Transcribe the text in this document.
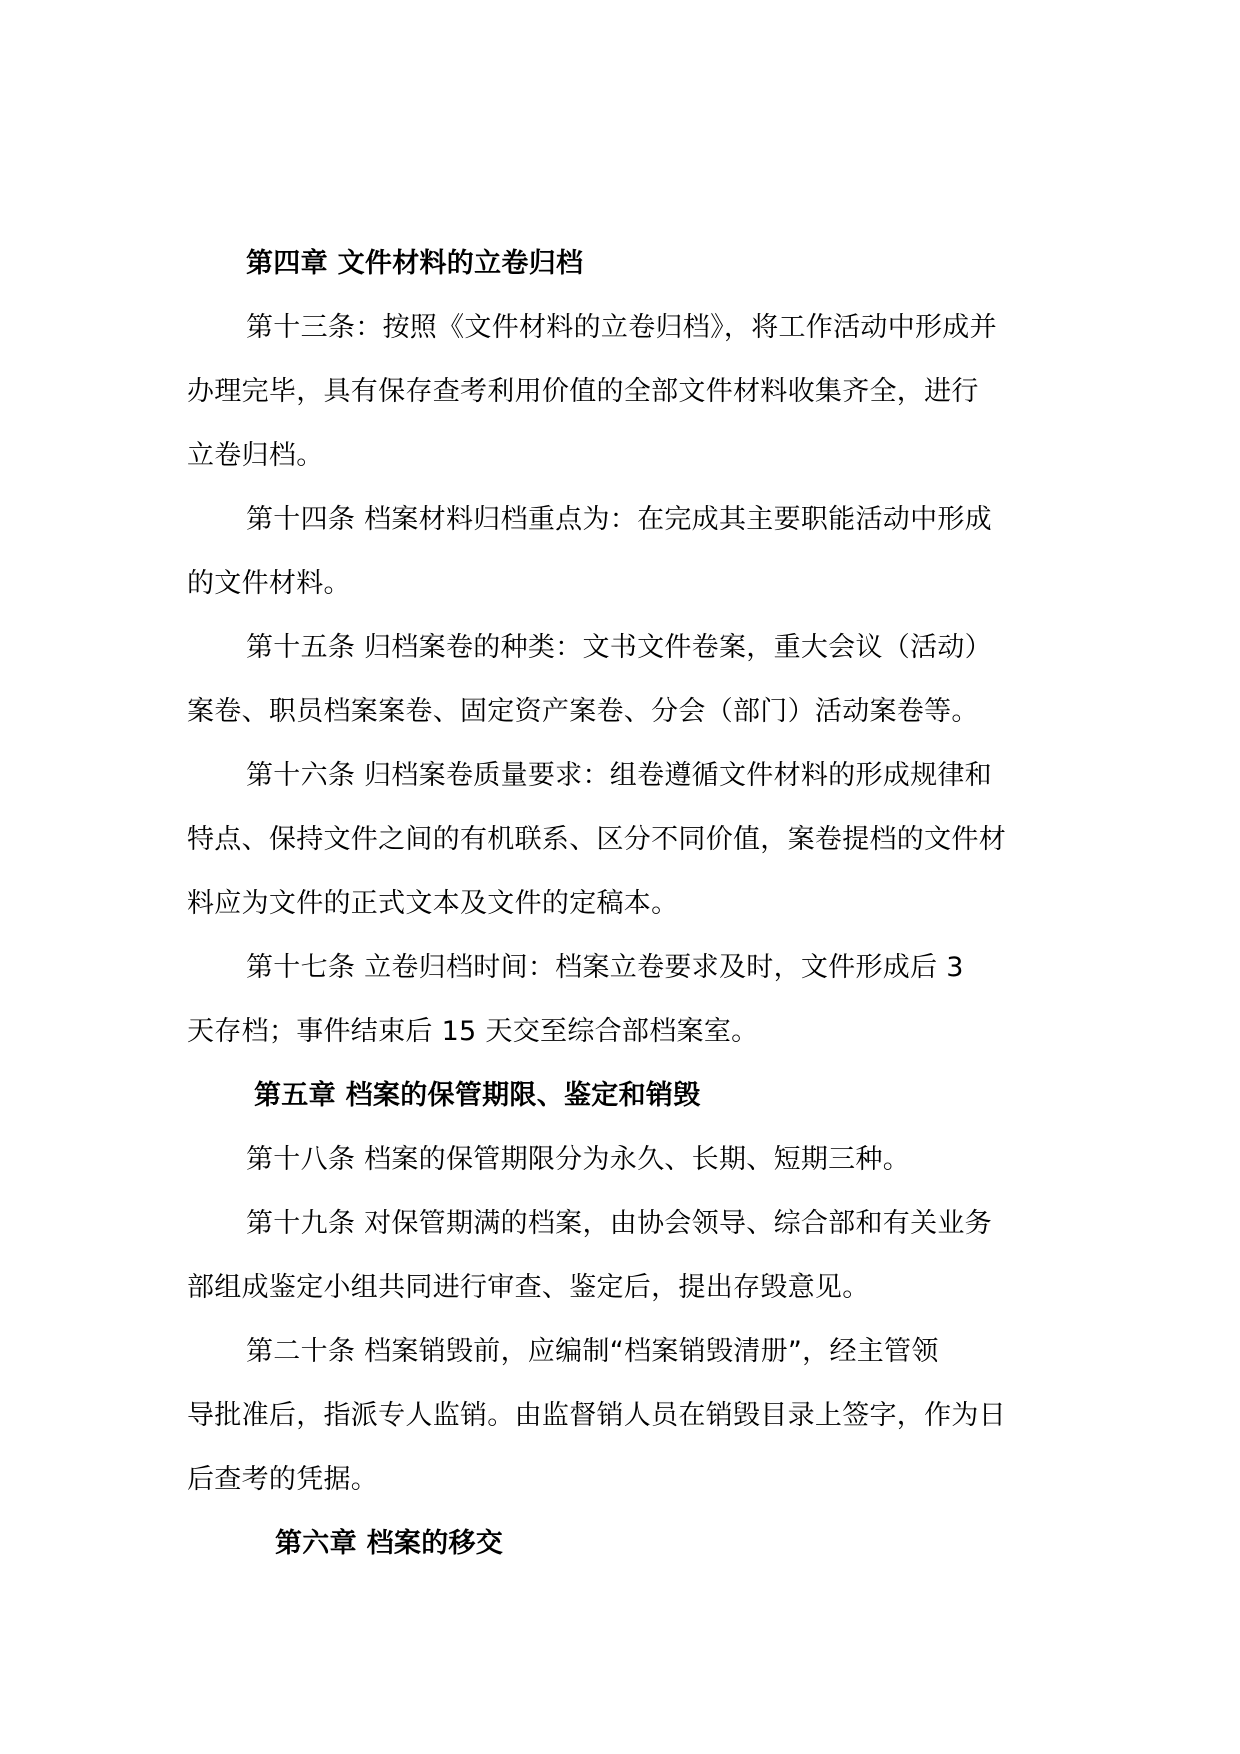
第四章 文件材料的立卷归档

第十三条：按照《文件材料的立卷归档》，将工作活动中形成并

办理完毕，具有保存查考利用价值的全部文件材料收集齐全，进行

立卷归档。

第十四条 档案材料归档重点为：在完成其主要职能活动中形成

的文件材料。

第十五条 归档案卷的种类：文书文件卷案，重大会议（活动）

案卷、职员档案案卷、固定资产案卷、分会（部门）活动案卷等。

第十六条 归档案卷质量要求：组卷遵循文件材料的形成规律和

特点、保持文件之间的有机联系、区分不同价值，案卷提档的文件材

料应为文件的正式文本及文件的定稿本。

第十七条 立卷归档时间：档案立卷要求及时，文件形成后 3

天存档；事件结束后 15 天交至综合部档案室。

第五章 档案的保管期限、鉴定和销毁

第十八条 档案的保管期限分为永久、长期、短期三种。

第十九条 对保管期满的档案，由协会领导、综合部和有关业务

部组成鉴定小组共同进行审查、鉴定后，提出存毁意见。

第二十条 档案销毁前，应编制“档案销毁清册”，经主管领

导批准后，指派专人监销。由监督销人员在销毁目录上签字，作为日

后查考的凭据。

第六章 档案的移交
